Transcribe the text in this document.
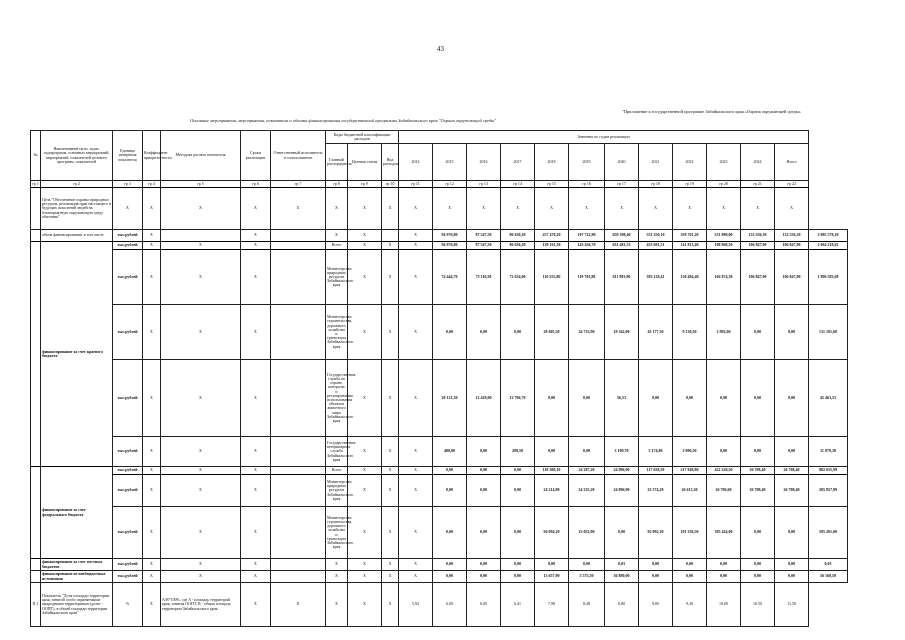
43
"Приложение к государственной программе Забайкальского края «Охрана окружающей среды»
Основные мероприятия, мероприятия, показатели и объемы финансирования государственной программы Забайкальского края "Охрана окружающей среды"
№	Наименование цели, задач, подпрограмм, основных мероприятий, мероприятий, показателей целевого программ, показателей	Единица измерения показателя	Коэффициент приоритетности	Методика расчета показателя	Сроки реализации	Ответственный исполнитель и соисполнители	Коды бюджетной классификации расходов			Значения по годам реализации												
							Главный распорядитель	Целевая статья	Вид расходов	2014	2015	2016	2017	2018	2019	2020	2021	2022	2023	2024	Итого	

гр 1	гр 2	гр 3	гр 4	гр 5	гр 6	гр 7	гр 8	гр 9	гр 10	гр 11	гр 12	гр 13	гр 14	гр 15	гр 16	гр 17	гр 18	гр 19	гр 20	гр 21	гр 22	
	Цель "Обеспечение охраны природных ресурсов, реализация прав настоящего и будущих поколений людей на благоприятную окружающую среду обитания"	X	X	X	X	X	X	X	X	X	X	X	X	X	X	X	X	X	X	X	X	
	объем финансирования, в том числе	тыс.рублей	X		X		X	X		X	94 976,80	87 547,50	86 630,20	257 470,20	197 722,90	659 398,40	551 350,10	359 761,20	531 089,00	133 556,30	132 556,30	3 085 578,20
	финансирование за счет краевого бюджета	тыс.рублей	X	X	X		Всего	X	X	X	94 976,80	87 547,50	86 630,20	139 161,30	143 436,70	631 481,53	433 691,51	141 813,40	108 868,50	106 847,90	106 847,90	2 064 218,62
		тыс.рублей	X	X	X		Министерство природных ресурсов Забайкальского края	X	X	X	74 444,70	75 110,50	73 634,00	110 555,80	119 703,80	611 983,90	393 139,41	130 494,40	104 874,30	106 847,90	106 847,90	1 896 583,68
		тыс.рублей	X	X	X		Министерство строительства, дорожного хозяйства и транспорта Забайкальского края	X	X	X	0,00	0,00	0,00	28 605,50	24 733,90	19 342,00	45 177,30	9 130,50	3 992,60	0,00	0,00	131 101,68
		тыс.рублей	X	X	X		Государственная служба по охране, контролю и регулированию использования объектов животного мира Забайкальского края	X	X	X	20 121,30	12 429,00	12 706,70	0,00	0,00	56,53	0,00	0,00	0,00	0,00	0,00	45 463,53
		тыс.рублей	X	X	X		Государственная ветеринарная служба Забайкальского края	X	X	X	400,80	0,00	289,50	0,00	0,00	3 199,70	5 174,80	2 096,50	0,00	0,00	0,00	11 079,30
	финансирование за счет федерального бюджета	тыс.рублей	X	X	X		Всего	X	X	X	0,00	0,00	0,00	118 309,10	24 287,20	24 996,90	117 658,59	217 949,80	422 220,50	26 708,40	26 708,40	802 655,99
		тыс.рублей	X	X	X		Министерство природных ресурсов Забайкальского края	X	X	X	0,00	0,00	0,00	24 214,90	24 235,20	24 996,90	25 574,29	26 613,30	26 796,60	26 708,40	26 708,40	205 857,99
		тыс.рублей	X	X	X		Министерство строительства, дорожного хозяйства и транспорта Забайкальского края	X	X	X	0,00	0,00	0,00	94 094,20	23 052,00	0,00	92 092,30	191 336,50	395 424,00	0,00	0,00	595 201,00
	финансирование за счет местных бюджетов	тыс.рублей	X	X	X		X	X	X	X	0,00	0,00	0,00	0,00	0,00	0,03	0,00	0,00	0,00	0,00	0,00	0,03
	финансирование из внебюджетных источников	тыс.рублей	X	X	X		X	X	X	X	0,00	0,00	0,00	13 657,90	5 575,50	36 880,00	0,00	0,00	0,00	0,00	0,00	56 160,50
П.1	Показатель "Доля площади территории края, занятой особо охраняемыми природными территориями (далее - ООПТ), в общей площади территории Забайкальского края"	%	X	A/B*100%, где A - площадь территорий края, занятая ООПТ, B - общая площадь территории Забайкальского края	X	X	X	X	X	5,92	6,00	6,00	6,41	7,98	8,48	8,80	9,00	9,30	10,00	10,50	11,50	
